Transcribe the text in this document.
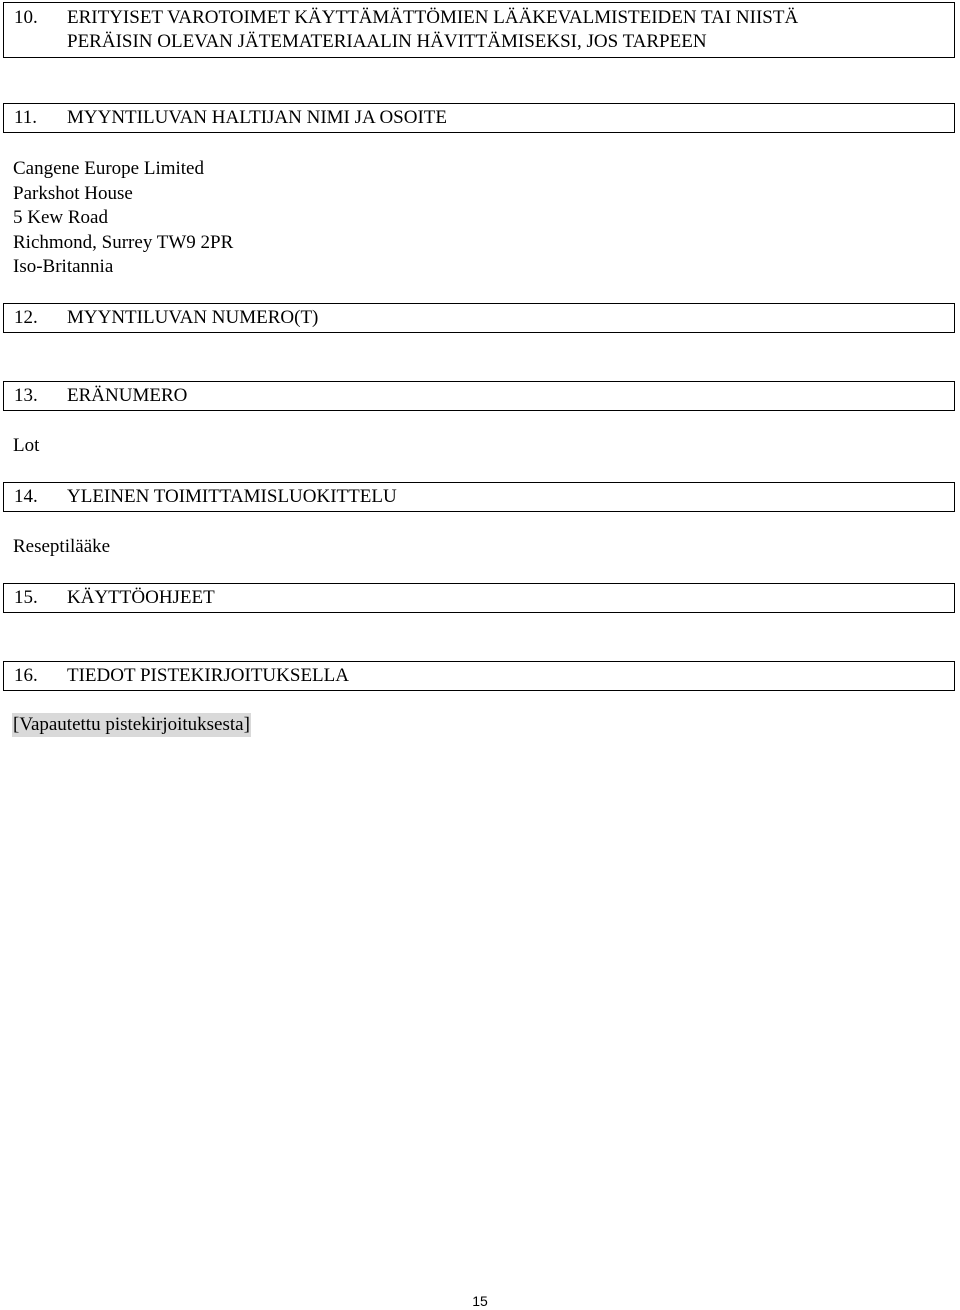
10. ERITYISET VAROTOIMET KÄYTTÄMÄTTÖMIEN LÄÄKEVALMISTEIDEN TAI NIISTÄ
PERÄISIN OLEVAN JÄTEMATERIAALIN HÄVITTÄMISEKSI, JOS TARPEEN
11. MYYNTILUVAN HALTIJAN NIMI JA OSOITE
Cangene Europe Limited
Parkshot House
5 Kew Road
Richmond, Surrey TW9 2PR
Iso-Britannia
12. MYYNTILUVAN NUMERO(T)
13. ERÄNUMERO
Lot
14. YLEINEN TOIMITTAMISLUOKITTELU
Reseptilääke
15. KÄYTTÖOHJEET
16. TIEDOT PISTEKIRJOITUKSELLA
[Vapautettu pistekirjoituksesta]
15
